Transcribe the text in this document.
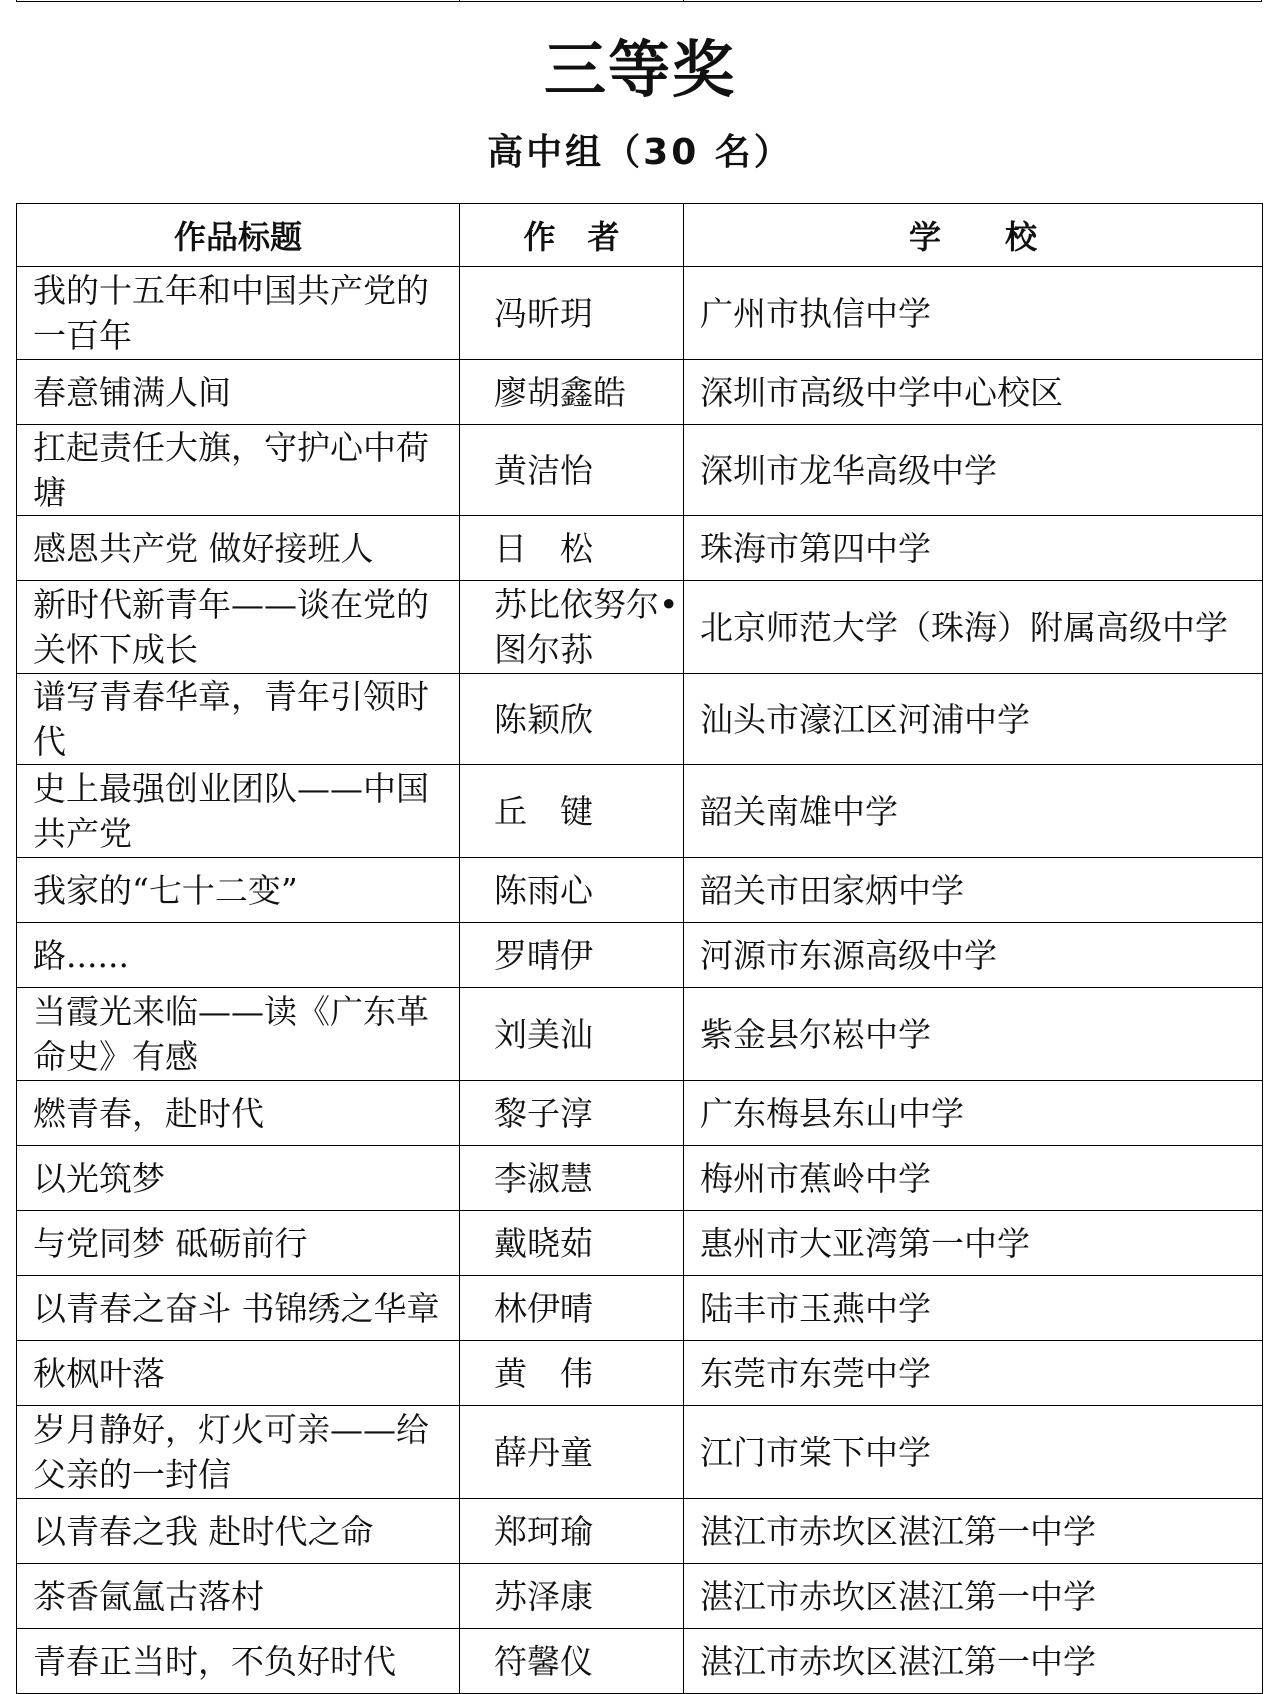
三等奖
高中组（30 名）
作品标题	作　者	学　　校
我的十五年和中国共产党的一百年	冯昕玥	广州市执信中学
春意铺满人间	廖胡鑫皓	深圳市高级中学中心校区
扛起责任大旗，守护心中荷塘	黄洁怡	深圳市龙华高级中学
感恩共产党 做好接班人	日　松	珠海市第四中学
新时代新青年——谈在党的关怀下成长	苏比依努尔•图尔荪	北京师范大学（珠海）附属高级中学
谱写青春华章，青年引领时代	陈颖欣	汕头市濠江区河浦中学
史上最强创业团队——中国共产党	丘　键	韶关南雄中学
我家的“七十二变”	陈雨心	韶关市田家炳中学
路......	罗晴伊	河源市东源高级中学
当霞光来临——读《广东革命史》有感	刘美汕	紫金县尔崧中学
燃青春，赴时代	黎子淳	广东梅县东山中学
以光筑梦	李淑慧	梅州市蕉岭中学
与党同梦 砥砺前行	戴晓茹	惠州市大亚湾第一中学
以青春之奋斗 书锦绣之华章	林伊晴	陆丰市玉燕中学
秋枫叶落	黄　伟	东莞市东莞中学
岁月静好，灯火可亲——给父亲的一封信	薛丹童	江门市棠下中学
以青春之我 赴时代之命	郑珂瑜	湛江市赤坎区湛江第一中学
茶香氤氲古落村	苏泽康	湛江市赤坎区湛江第一中学
青春正当时，不负好时代	符馨仪	湛江市赤坎区湛江第一中学
